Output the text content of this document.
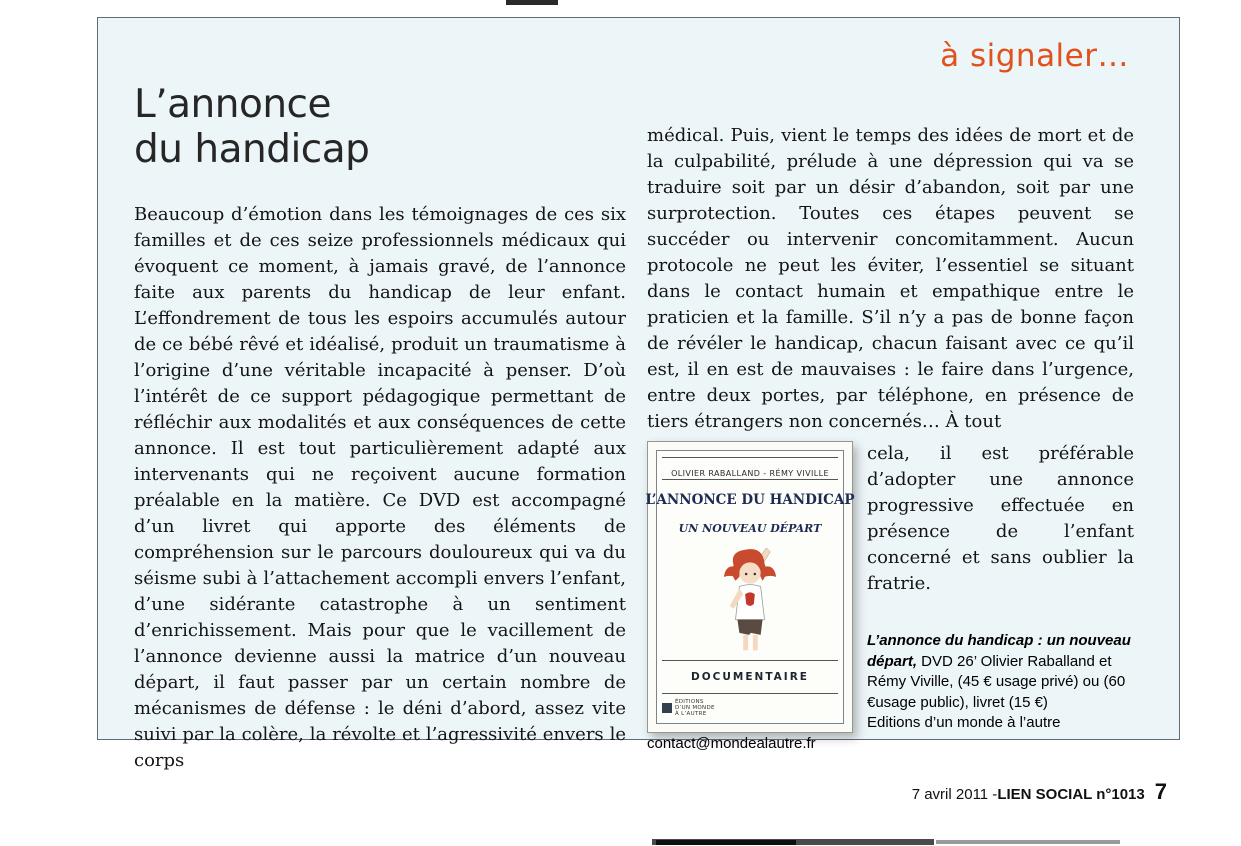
à signaler…
L’annonce
du handicap
Beaucoup d’émotion dans les témoignages de ces six familles et de ces seize professionnels médicaux qui évoquent ce moment, à jamais gravé, de l’annonce faite aux parents du handicap de leur enfant. L’effondrement de tous les espoirs accumulés autour de ce bébé rêvé et idéalisé, produit un traumatisme à l’origine d’une véritable incapacité à penser. D’où l’intérêt de ce support pédagogique permettant de réfléchir aux modalités et aux conséquences de cette annonce. Il est tout particulièrement adapté aux intervenants qui ne reçoivent aucune formation préalable en la matière. Ce DVD est accompagné d’un livret qui apporte des éléments de compréhension sur le parcours douloureux qui va du séisme subi à l’attachement accompli envers l’enfant, d’une sidérante catastrophe à un sentiment d’enrichissement. Mais pour que le vacillement de l’annonce devienne aussi la matrice d’un nouveau départ, il faut passer par un certain nombre de mécanismes de défense : le déni d’abord, assez vite suivi par la colère, la révolte et l’agressivité envers le corps

médical. Puis, vient le temps des idées de mort et de la culpabilité, prélude à une dépression qui va se traduire soit par un désir d’abandon, soit par une surprotection. Toutes ces étapes peuvent se succéder ou intervenir concomitamment. Aucun protocole ne peut les éviter, l’essentiel se situant dans le contact humain et empathique entre le praticien et la famille. S’il n’y a pas de bonne façon de révéler le handicap, chacun faisant avec ce qu’il est, il en est de mauvaises : le faire dans l’urgence, entre deux portes, par téléphone, en présence de tiers étrangers non concernés… À tout

OLIVIER RABALLAND - RÉMY VIVILLE
L’ANNONCE DU HANDICAP
UN NOUVEAU DÉPART
DOCUMENTAIRE
ÉDITIONS
D’UN MONDE
À L’AUTRE

cela, il est préférable d’adopter une annonce progressive effectuée en présence de l’enfant concerné et sans oublier la fratrie.

L’annonce du handicap : un nouveau départ, DVD 26’ Olivier Raballand et Rémy Viville, (45 € usage privé) ou (60 €usage public), livret (15 €)
Editions d’un monde à l’autre
contact@mondealautre.fr
7 avril 2011 - LIEN SOCIAL n°1013 7
